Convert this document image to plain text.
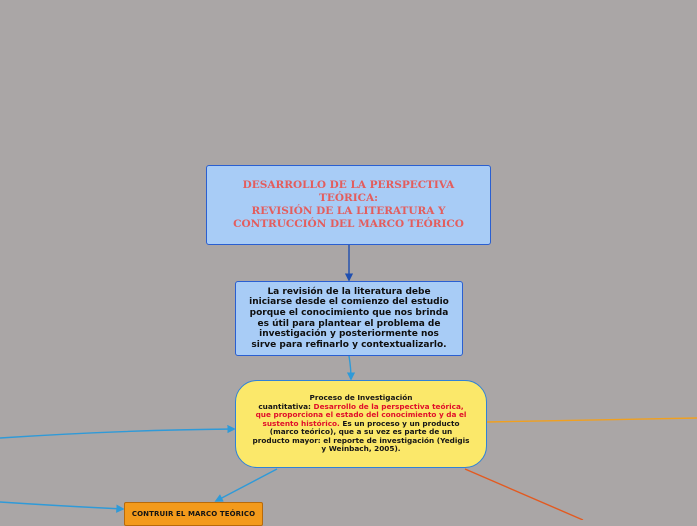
DESARROLLO DE LA PERSPECTIVA
TEÓRICA:
REVISIÓN DE LA LITERATURA Y
CONTRUCCIÓN DEL MARCO TEÓRICO
La revisión de la literatura debe iniciarse desde el comienzo del estudio porque el conocimiento que nos brinda es útil para plantear el problema de investigación y posteriormente nos sirve para refinarlo y contextualizarlo.
Proceso de Investigación
cuantitativa: Desarrollo de la perspectiva teórica, que proporciona el estado del conocimiento y da el sustento histórico. Es un proceso y un producto (marco teórico), que a su vez es parte de un producto mayor: el reporte de investigación (Yedigis y Weinbach, 2005).
CONTRUIR EL MARCO TEÓRICO
